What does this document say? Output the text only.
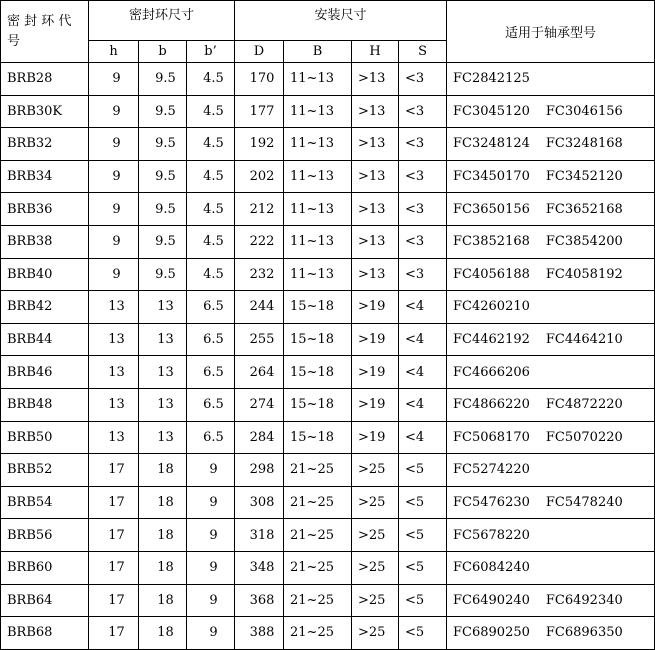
密 封 环 代 号	密封环尺寸			安装尺寸				适用于轴承型号
	h	b	b’	D	B	H	S	
BRB28	9	9.5	4.5	170	11~13	>13	<3	FC2842125
BRB30K	9	9.5	4.5	177	11~13	>13	<3	FC3045120 FC3046156
BRB32	9	9.5	4.5	192	11~13	>13	<3	FC3248124 FC3248168
BRB34	9	9.5	4.5	202	11~13	>13	<3	FC3450170 FC3452120
BRB36	9	9.5	4.5	212	11~13	>13	<3	FC3650156 FC3652168
BRB38	9	9.5	4.5	222	11~13	>13	<3	FC3852168 FC3854200
BRB40	9	9.5	4.5	232	11~13	>13	<3	FC4056188 FC4058192
BRB42	13	13	6.5	244	15~18	>19	<4	FC4260210
BRB44	13	13	6.5	255	15~18	>19	<4	FC4462192 FC4464210
BRB46	13	13	6.5	264	15~18	>19	<4	FC4666206
BRB48	13	13	6.5	274	15~18	>19	<4	FC4866220 FC4872220
BRB50	13	13	6.5	284	15~18	>19	<4	FC5068170 FC5070220
BRB52	17	18	9	298	21~25	>25	<5	FC5274220
BRB54	17	18	9	308	21~25	>25	<5	FC5476230 FC5478240
BRB56	17	18	9	318	21~25	>25	<5	FC5678220
BRB60	17	18	9	348	21~25	>25	<5	FC6084240
BRB64	17	18	9	368	21~25	>25	<5	FC6490240 FC6492340
BRB68	17	18	9	388	21~25	>25	<5	FC6890250 FC6896350
